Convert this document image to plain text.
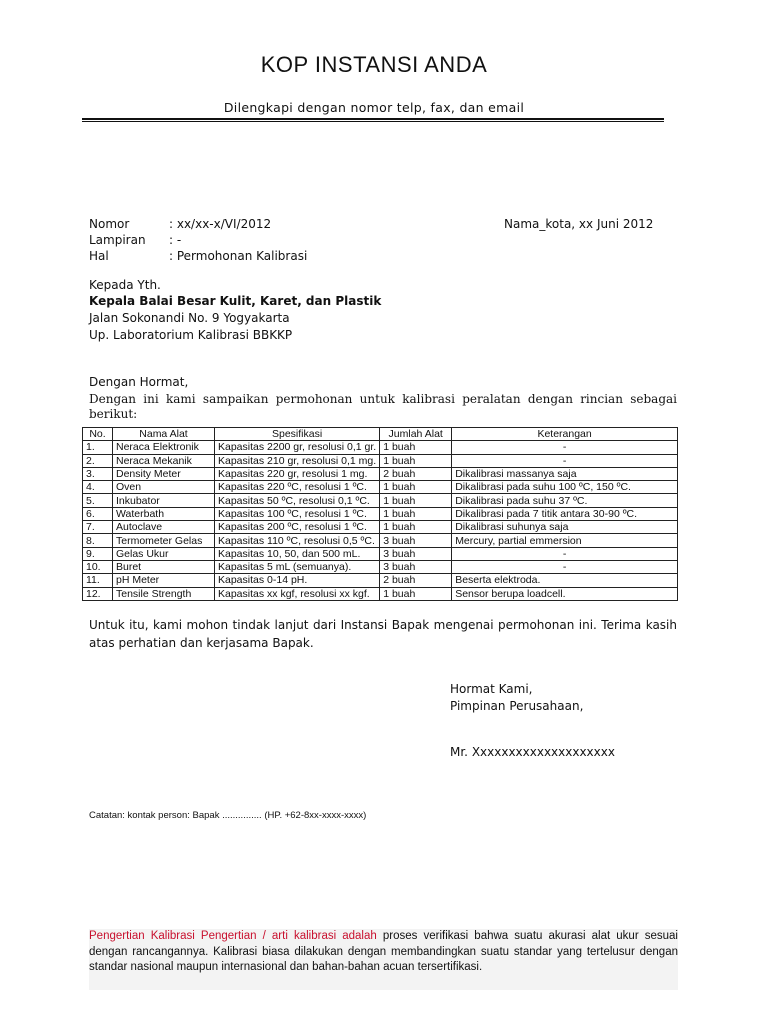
KOP INSTANSI ANDA
Dilengkapi dengan nomor telp, fax, dan email
Nomor	: xx/xx-x/VI/2012	Nama_kota, xx Juni 2012
Lampiran : -
Hal	: Permohonan Kalibrasi
Kepada Yth.
Kepala Balai Besar Kulit, Karet, dan Plastik
Jalan Sokonandi No. 9 Yogyakarta
Up. Laboratorium Kalibrasi BBKKP
Dengan Hormat,
Dengan ini kami sampaikan permohonan untuk kalibrasi peralatan dengan rincian sebagai berikut:
No.	Nama Alat	Spesifikasi	Jumlah Alat	Keterangan
1.	Neraca Elektronik	Kapasitas 2200 gr, resolusi 0,1 gr.	1 buah	-
2.	Neraca Mekanik	Kapasitas 210 gr, resolusi 0,1 mg.	1 buah	-
3.	Density Meter	Kapasitas 220 gr, resolusi 1 mg.	2 buah	Dikalibrasi massanya saja
4.	Oven	Kapasitas 220 ºC, resolusi 1 ºC.	1 buah	Dikalibrasi pada suhu 100 ºC, 150 ºC.
5.	Inkubator	Kapasitas 50 ºC, resolusi 0,1 ºC.	1 buah	Dikalibrasi pada suhu 37 ºC.
6.	Waterbath	Kapasitas 100 ºC, resolusi 1 ºC.	1 buah	Dikalibrasi pada 7 titik antara 30-90 ºC.
7.	Autoclave	Kapasitas 200 ºC, resolusi 1 ºC.	1 buah	Dikalibrasi suhunya saja
8.	Termometer Gelas	Kapasitas 110 ºC, resolusi 0,5 ºC.	3 buah	Mercury, partial emmersion
9.	Gelas Ukur	Kapasitas 10, 50, dan 500 mL.	3 buah	-
10.	Buret	Kapasitas 5 mL (semuanya).	3 buah	-
11.	pH Meter	Kapasitas 0-14 pH.	2 buah	Beserta elektroda.
12.	Tensile Strength	Kapasitas xx kgf, resolusi xx kgf.	1 buah	Sensor berupa loadcell.
Untuk itu, kami mohon tindak lanjut dari Instansi Bapak mengenai permohonan ini. Terima kasih atas perhatian dan kerjasama Bapak.
Hormat Kami,
Pimpinan Perusahaan,
Mr. Xxxxxxxxxxxxxxxxxxxx
Catatan: kontak person: Bapak ............... (HP. +62-8xx-xxxx-xxxx)
Pengertian Kalibrasi Pengertian / arti kalibrasi adalah proses verifikasi bahwa suatu akurasi alat ukur sesuai dengan rancangannya. Kalibrasi biasa dilakukan dengan membandingkan suatu standar yang tertelusur dengan standar nasional maupun internasional dan bahan-bahan acuan tersertifikasi.
